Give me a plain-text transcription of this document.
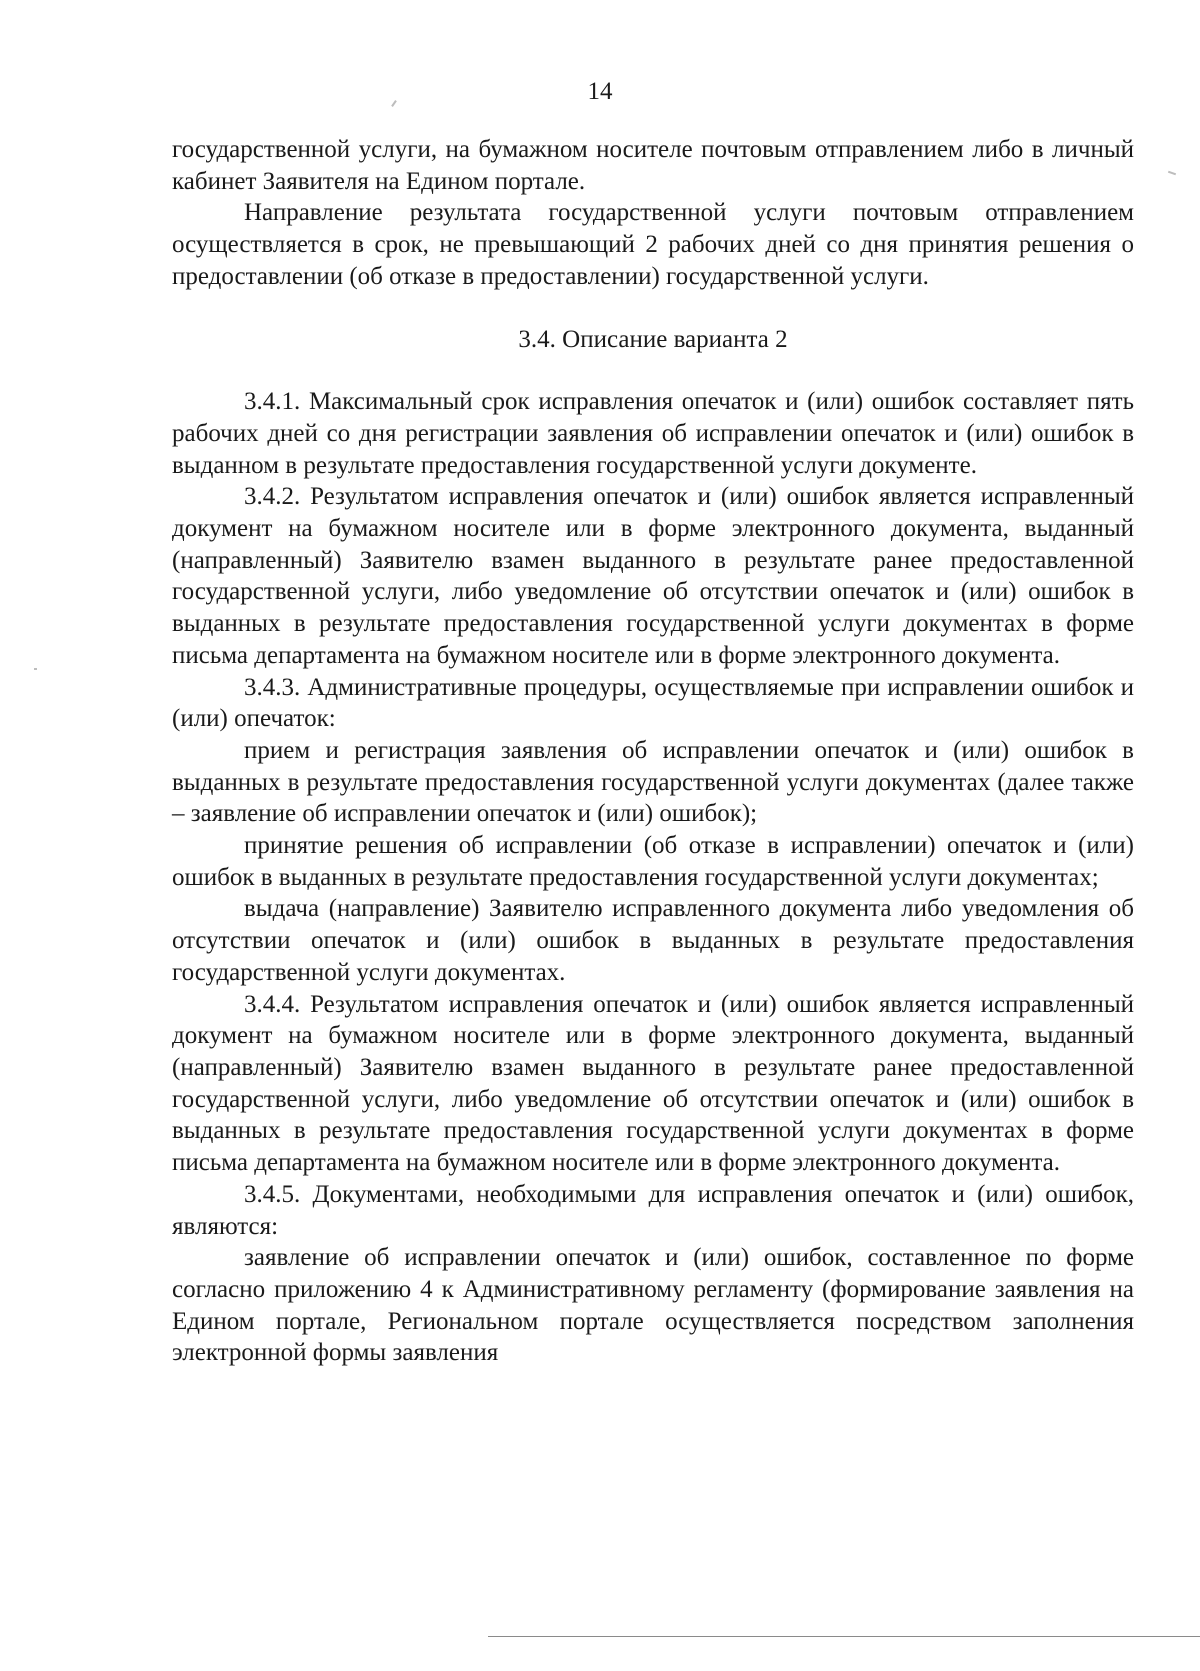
14

государственной услуги, на бумажном носителе почтовым отправлением либо в личный кабинет Заявителя на Едином портале.

Направление результата государственной услуги почтовым отправлением осуществляется в срок, не превышающий 2 рабочих дней со дня принятия решения о предоставлении (об отказе в предоставлении) государственной услуги.

3.4. Описание варианта 2

3.4.1. Максимальный срок исправления опечаток и (или) ошибок составляет пять рабочих дней со дня регистрации заявления об исправлении опечаток и (или) ошибок в выданном в результате предоставления государственной услуги документе.

3.4.2. Результатом исправления опечаток и (или) ошибок является исправленный документ на бумажном носителе или в форме электронного документа, выданный (направленный) Заявителю взамен выданного в результате ранее предоставленной государственной услуги, либо уведомление об отсутствии опечаток и (или) ошибок в выданных в результате предоставления государственной услуги документах в форме письма департамента на бумажном носителе или в форме электронного документа.

3.4.3. Административные процедуры, осуществляемые при исправлении ошибок и (или) опечаток:

прием и регистрация заявления об исправлении опечаток и (или) ошибок в выданных в результате предоставления государственной услуги документах (далее также – заявление об исправлении опечаток и (или) ошибок);

принятие решения об исправлении (об отказе в исправлении) опечаток и (или) ошибок в выданных в результате предоставления государственной услуги документах;

выдача (направление) Заявителю исправленного документа либо уведомления об отсутствии опечаток и (или) ошибок в выданных в результате предоставления государственной услуги документах.

3.4.4. Результатом исправления опечаток и (или) ошибок является исправленный документ на бумажном носителе или в форме электронного документа, выданный (направленный) Заявителю взамен выданного в результате ранее предоставленной государственной услуги, либо уведомление об отсутствии опечаток и (или) ошибок в выданных в результате предоставления государственной услуги документах в форме письма департамента на бумажном носителе или в форме электронного документа.

3.4.5. Документами, необходимыми для исправления опечаток и (или) ошибок, являются:

заявление об исправлении опечаток и (или) ошибок, составленное по форме согласно приложению 4 к Административному регламенту (формирование заявления на Едином портале, Региональном портале осуществляется посредством заполнения электронной формы заявления
